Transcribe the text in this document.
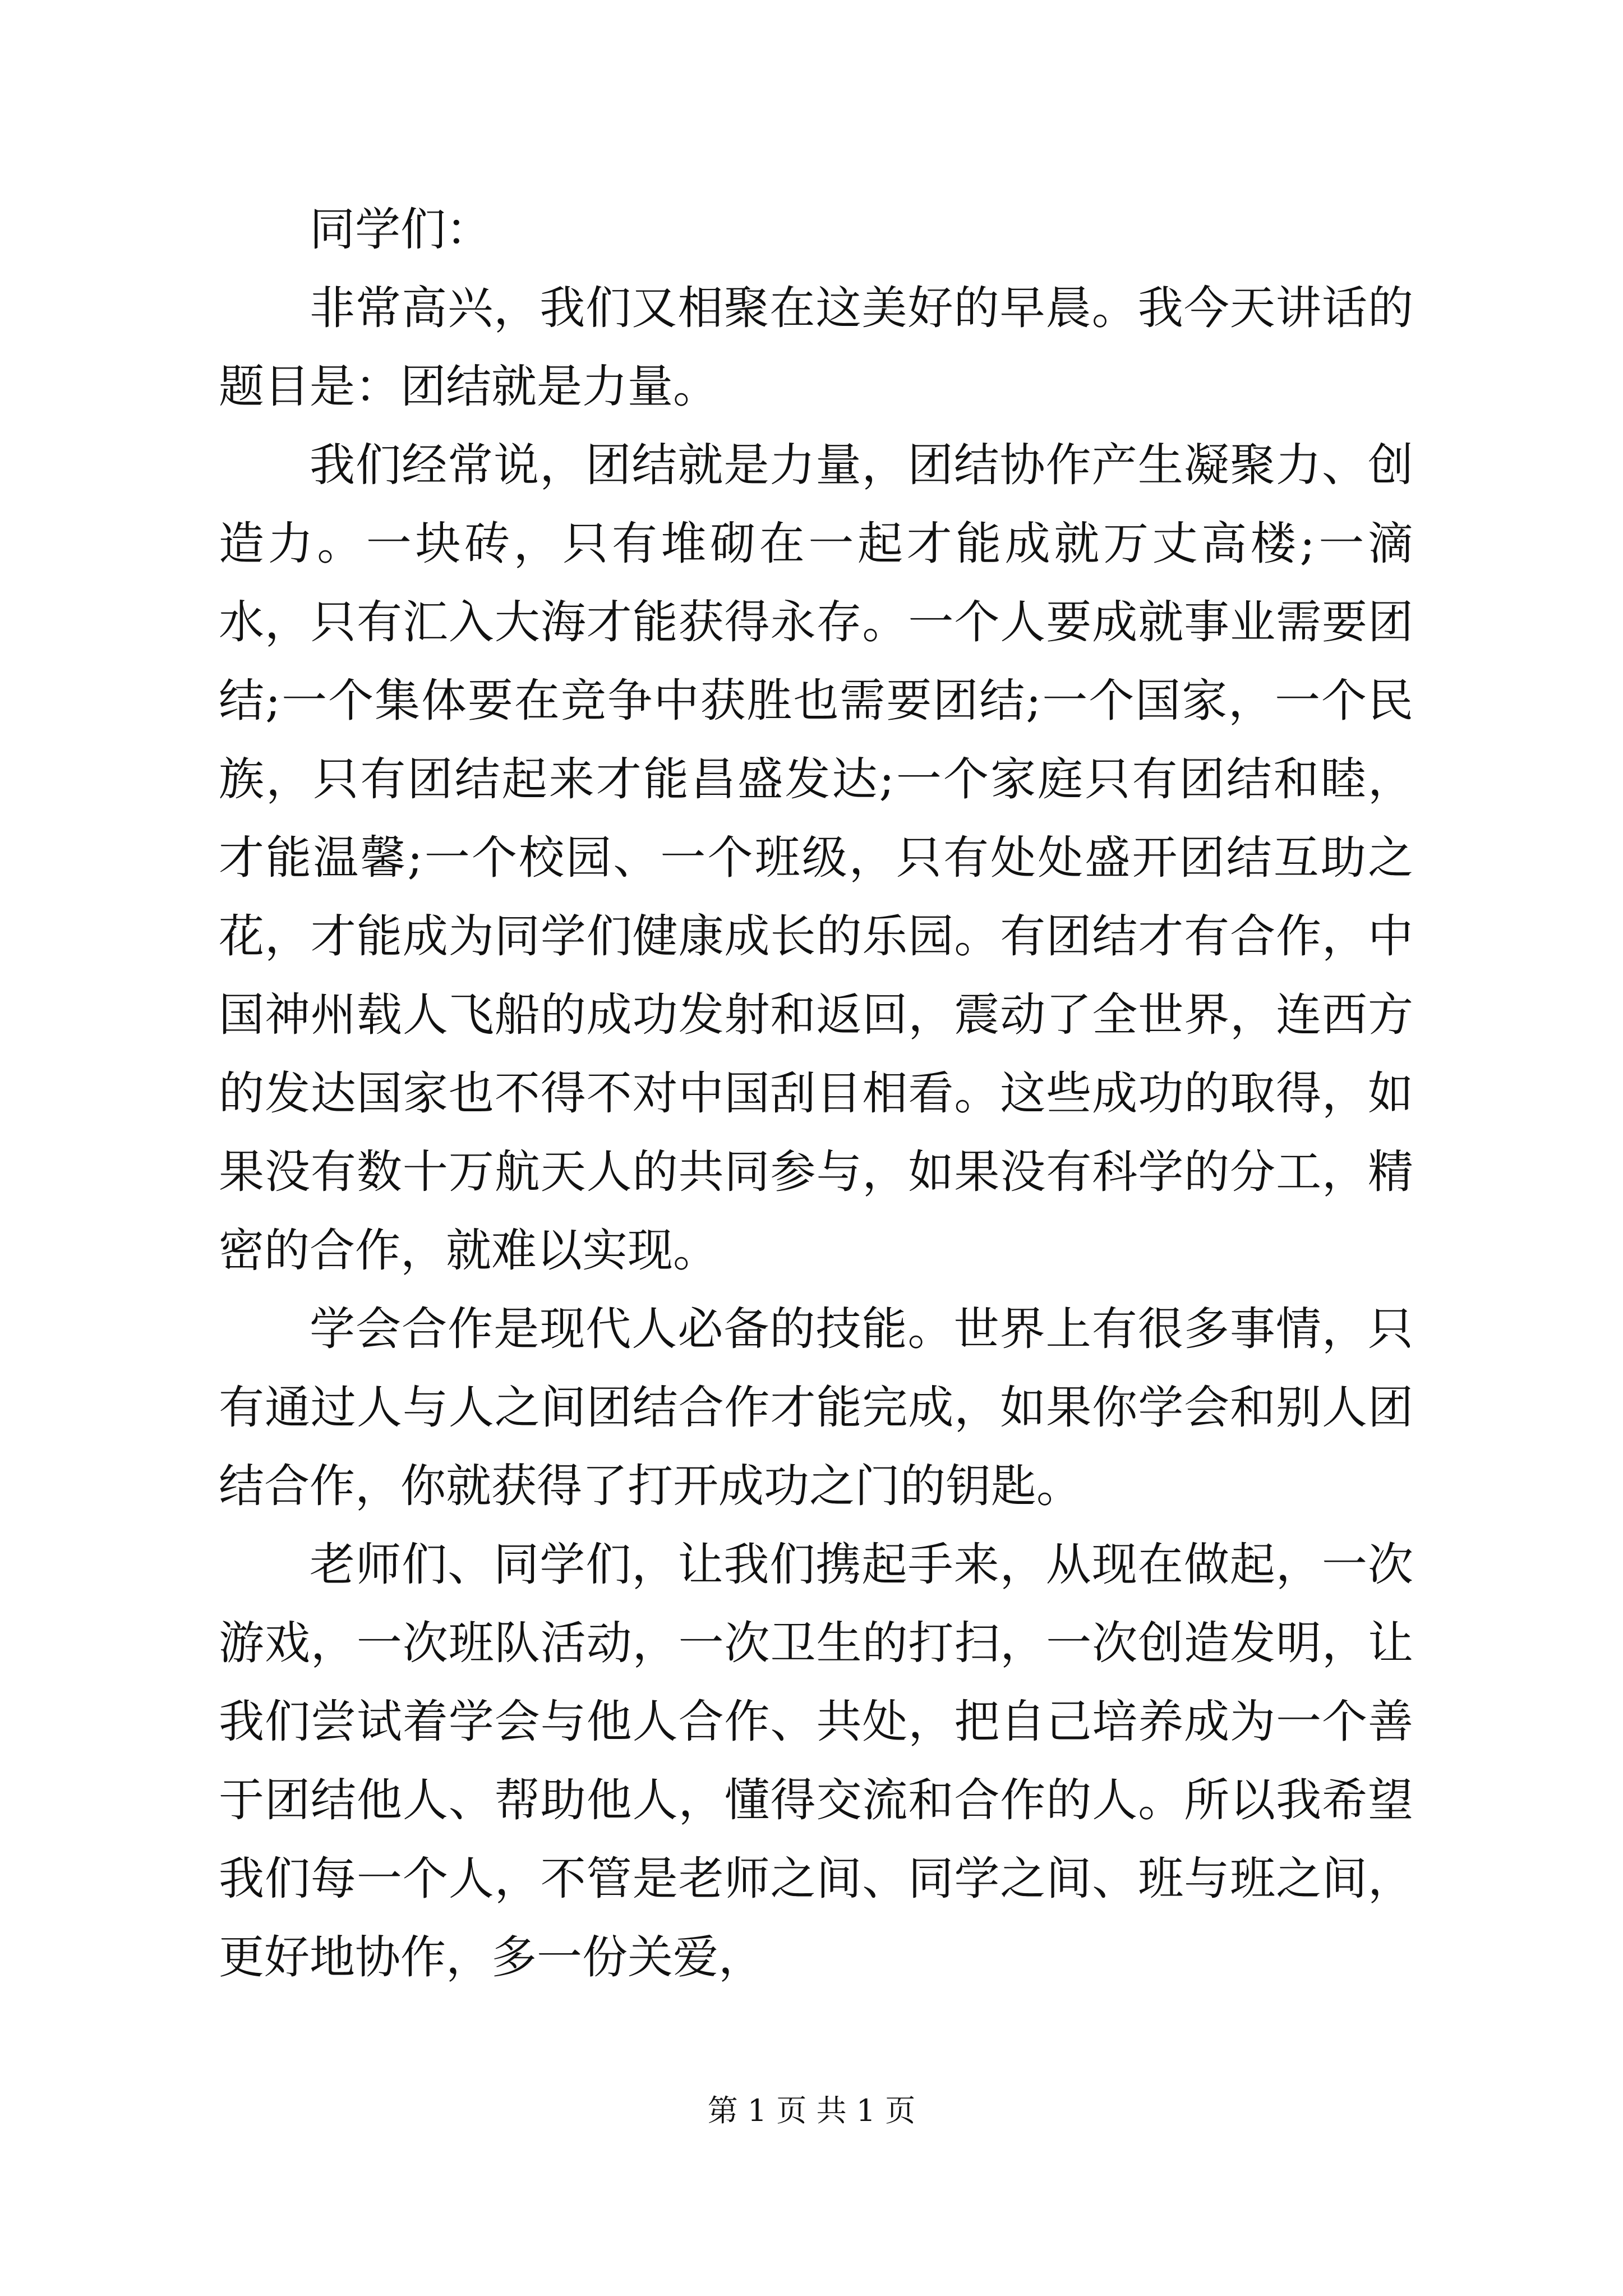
同学们：

非常高兴，我们又相聚在这美好的早晨。我今天讲话的题目是：团结就是力量。

我们经常说，团结就是力量，团结协作产生凝聚力、创造力。一块砖，只有堆砌在一起才能成就万丈高楼;一滴水，只有汇入大海才能获得永存。一个人要成就事业需要团结;一个集体要在竞争中获胜也需要团结;一个国家，一个民族，只有团结起来才能昌盛发达;一个家庭只有团结和睦，才能温馨;一个校园、一个班级，只有处处盛开团结互助之花，才能成为同学们健康成长的乐园。有团结才有合作，中国神州载人飞船的成功发射和返回，震动了全世界，连西方的发达国家也不得不对中国刮目相看。这些成功的取得，如果没有数十万航天人的共同参与，如果没有科学的分工，精密的合作，就难以实现。

学会合作是现代人必备的技能。世界上有很多事情，只有通过人与人之间团结合作才能完成，如果你学会和别人团结合作，你就获得了打开成功之门的钥匙。

老师们、同学们，让我们携起手来，从现在做起，一次游戏，一次班队活动，一次卫生的打扫，一次创造发明，让我们尝试着学会与他人合作、共处，把自己培养成为一个善于团结他人、帮助他人，懂得交流和合作的人。所以我希望我们每一个人，不管是老师之间、同学之间、班与班之间，更好地协作，多一份关爱，

第 1 页 共 1 页
